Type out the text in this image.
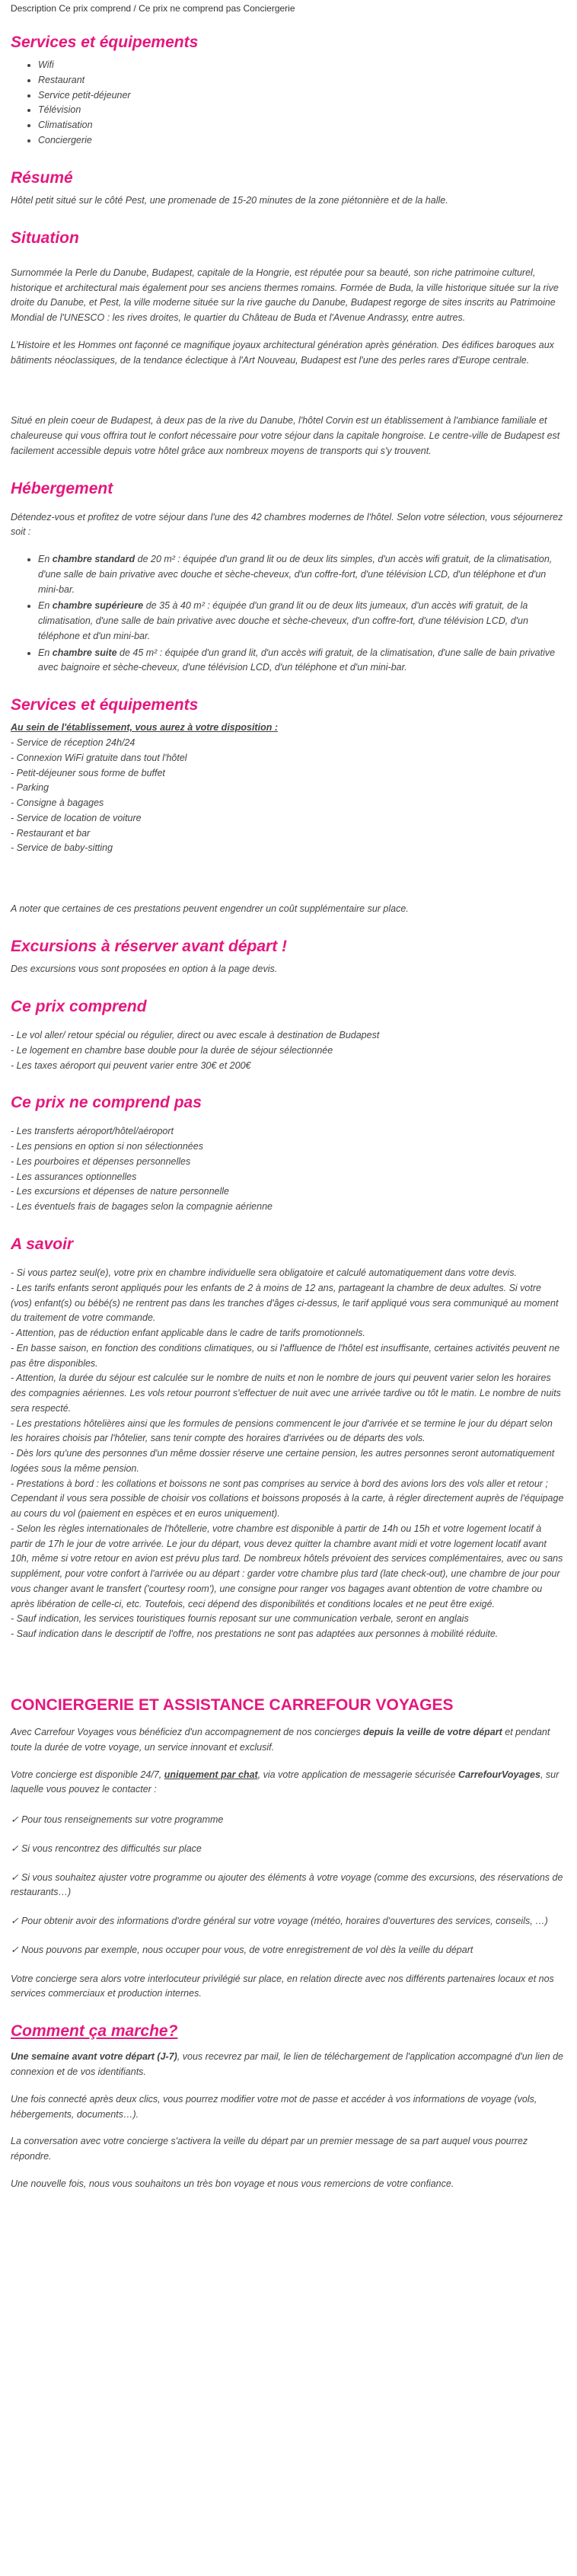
Description Ce prix comprend / Ce prix ne comprend pas Conciergerie
Services et équipements
• Wifi
• Restaurant
• Service petit-déjeuner
• Télévision
• Climatisation
• Conciergerie
Résumé

Hôtel petit situé sur le côté Pest, une promenade de 15-20 minutes de la zone piétonnière et de la halle.

Situation

Surnommée la Perle du Danube, Budapest, capitale de la Hongrie, est réputée pour sa beauté, son riche patrimoine culturel, historique et architectural mais également pour ses anciens thermes romains. Formée de Buda, la ville historique située sur la rive droite du Danube, et Pest, la ville moderne située sur la rive gauche du Danube, Budapest regorge de sites inscrits au Patrimoine Mondial de l'UNESCO : les rives droites, le quartier du Château de Buda et l'Avenue Andrassy, entre autres.

L'Histoire et les Hommes ont façonné ce magnifique joyaux architectural génération après génération. Des édifices baroques aux bâtiments néoclassiques, de la tendance éclectique à l'Art Nouveau, Budapest est l'une des perles rares d'Europe centrale.

Situé en plein coeur de Budapest, à deux pas de la rive du Danube, l'hôtel Corvin est un établissement à l'ambiance familiale et chaleureuse qui vous offrira tout le confort nécessaire pour votre séjour dans la capitale hongroise. Le centre-ville de Budapest est facilement accessible depuis votre hôtel grâce aux nombreux moyens de transports qui s'y trouvent.

Hébergement

Détendez-vous et profitez de votre séjour dans l'une des 42 chambres modernes de l'hôtel. Selon votre sélection, vous séjournerez soit :

• En chambre standard de 20 m² : équipée d'un grand lit ou de deux lits simples, d'un accès wifi gratuit, de la climatisation, d'une salle de bain privative avec douche et sèche-cheveux, d'un coffre-fort, d'une télévision LCD, d'un téléphone et d'un mini-bar.
• En chambre supérieure de 35 à 40 m² : équipée d'un grand lit ou de deux lits jumeaux, d'un accès wifi gratuit, de la climatisation, d'une salle de bain privative avec douche et sèche-cheveux, d'un coffre-fort, d'une télévision LCD, d'un téléphone et d'un mini-bar.
• En chambre suite de 45 m² : équipée d'un grand lit, d'un accès wifi gratuit, de la climatisation, d'une salle de bain privative avec baignoire et sèche-cheveux, d'une télévision LCD, d'un téléphone et d'un mini-bar.
Services et équipements
Au sein de l'établissement, vous aurez à votre disposition :
- Service de réception 24h/24
- Connexion WiFi gratuite dans tout l'hôtel
- Petit-déjeuner sous forme de buffet
- Parking
- Consigne à bagages
- Service de location de voiture
- Restaurant et bar
- Service de baby-sitting

A noter que certaines de ces prestations peuvent engendrer un coût supplémentaire sur place.

Excursions à réserver avant départ !

Des excursions vous sont proposées en option à la page devis.

Ce prix comprend
- Le vol aller/ retour spécial ou régulier, direct ou avec escale à destination de Budapest
- Le logement en chambre base double pour la durée de séjour sélectionnée
- Les taxes aéroport qui peuvent varier entre 30€ et 200€
Ce prix ne comprend pas
- Les transferts aéroport/hôtel/aéroport
- Les pensions en option si non sélectionnées
- Les pourboires et dépenses personnelles
- Les assurances optionnelles
- Les excursions et dépenses de nature personnelle
- Les éventuels frais de bagages selon la compagnie aérienne
A savoir
- Si vous partez seul(e), votre prix en chambre individuelle sera obligatoire et calculé automatiquement dans votre devis.
- Les tarifs enfants seront appliqués pour les enfants de 2 à moins de 12 ans, partageant la chambre de deux adultes. Si votre (vos) enfant(s) ou bébé(s) ne rentrent pas dans les tranches d'âges ci-dessus, le tarif appliqué vous sera communiqué au moment du traitement de votre commande.
- Attention, pas de réduction enfant applicable dans le cadre de tarifs promotionnels.
- En basse saison, en fonction des conditions climatiques, ou si l'affluence de l'hôtel est insuffisante, certaines activités peuvent ne pas être disponibles.
- Attention, la durée du séjour est calculée sur le nombre de nuits et non le nombre de jours qui peuvent varier selon les horaires des compagnies aériennes. Les vols retour pourront s'effectuer de nuit avec une arrivée tardive ou tôt le matin. Le nombre de nuits sera respecté.
- Les prestations hôtelières ainsi que les formules de pensions commencent le jour d'arrivée et se termine le jour du départ selon les horaires choisis par l'hôtelier, sans tenir compte des horaires d'arrivées ou de départs des vols.
- Dès lors qu'une des personnes d'un même dossier réserve une certaine pension, les autres personnes seront automatiquement logées sous la même pension.
- Prestations à bord : les collations et boissons ne sont pas comprises au service à bord des avions lors des vols aller et retour ; Cependant il vous sera possible de choisir vos collations et boissons proposés à la carte, à régler directement auprès de l'équipage au cours du vol (paiement en espèces et en euros uniquement).
- Selon les règles internationales de l'hôtellerie, votre chambre est disponible à partir de 14h ou 15h et votre logement locatif à partir de 17h le jour de votre arrivée. Le jour du départ, vous devez quitter la chambre avant midi et votre logement locatif avant 10h, même si votre retour en avion est prévu plus tard. De nombreux hôtels prévoient des services complémentaires, avec ou sans supplément, pour votre confort à l'arrivée ou au départ : garder votre chambre plus tard (late check-out), une chambre de jour pour vous changer avant le transfert ('courtesy room'), une consigne pour ranger vos bagages avant obtention de votre chambre ou après libération de celle-ci, etc. Toutefois, ceci dépend des disponibilités et conditions locales et ne peut être exigé.
- Sauf indication, les services touristiques fournis reposant sur une communication verbale, seront en anglais
- Sauf indication dans le descriptif de l'offre, nos prestations ne sont pas adaptées aux personnes à mobilité réduite.
CONCIERGERIE ET ASSISTANCE CARREFOUR VOYAGES

Avec Carrefour Voyages vous bénéficiez d'un accompagnement de nos concierges depuis la veille de votre départ et pendant toute la durée de votre voyage, un service innovant et exclusif.

Votre concierge est disponible 24/7, uniquement par chat, via votre application de messagerie sécurisée CarrefourVoyages, sur laquelle vous pouvez le contacter :

✓ Pour tous renseignements sur votre programme
✓ Si vous rencontrez des difficultés sur place
✓ Si vous souhaitez ajuster votre programme ou ajouter des éléments à votre voyage (comme des excursions, des réservations de restaurants…)
✓ Pour obtenir avoir des informations d'ordre général sur votre voyage (météo, horaires d'ouvertures des services, conseils, …)
✓ Nous pouvons par exemple, nous occuper pour vous, de votre enregistrement de vol dès la veille du départ

Votre concierge sera alors votre interlocuteur privilégié sur place, en relation directe avec nos différents partenaires locaux et nos services commerciaux et production internes.

Comment ça marche?

Une semaine avant votre départ (J-7), vous recevrez par mail, le lien de téléchargement de l'application accompagné d'un lien de connexion et de vos identifiants.

Une fois connecté après deux clics, vous pourrez modifier votre mot de passe et accéder à vos informations de voyage (vols, hébergements, documents…).

La conversation avec votre concierge s'activera la veille du départ par un premier message de sa part auquel vous pourrez répondre.

Une nouvelle fois, nous vous souhaitons un très bon voyage et nous vous remercions de votre confiance.
